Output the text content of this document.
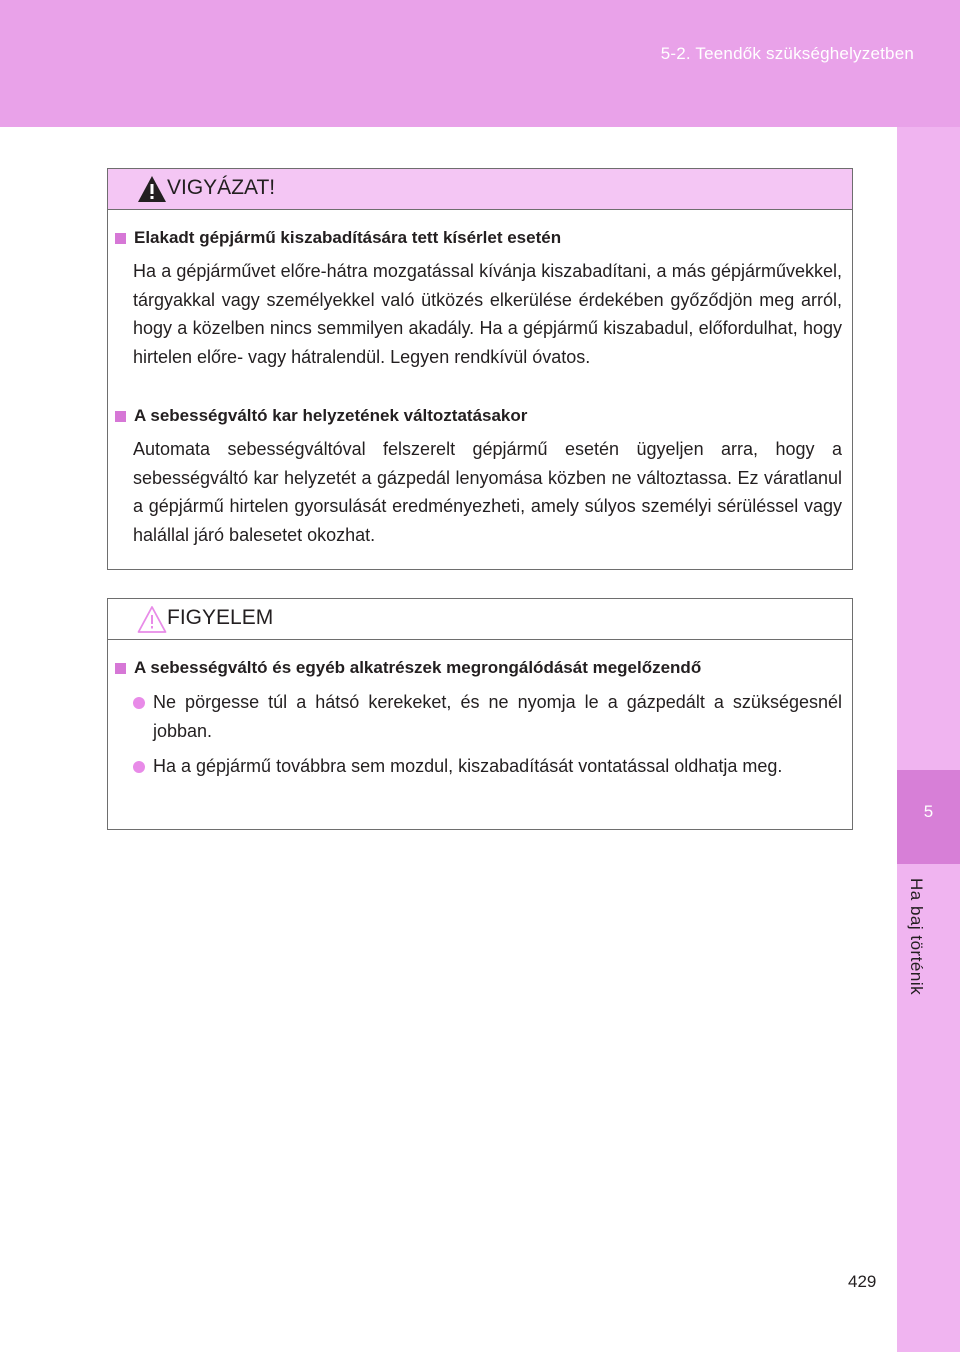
5-2. Teendők szükséghelyzetben
5
Ha baj történik
VIGYÁZAT!
Elakadt gépjármű kiszabadítására tett kísérlet esetén
Ha a gépjárművet előre-hátra mozgatással kívánja kiszabadítani, a más gépjárművekkel, tárgyakkal vagy személyekkel való ütközés elkerülése érdekében győződjön meg arról, hogy a közelben nincs semmilyen akadály. Ha a gépjármű kiszabadul, előfordulhat, hogy hirtelen előre- vagy hátralendül. Legyen rendkívül óvatos.
A sebességváltó kar helyzetének változtatásakor
Automata sebességváltóval felszerelt gépjármű esetén ügyeljen arra, hogy a sebességváltó kar helyzetét a gázpedál lenyomása közben ne változtassa. Ez váratlanul a gépjármű hirtelen gyorsulását eredményezheti, amely súlyos személyi sérüléssel vagy halállal járó balesetet okozhat.
FIGYELEM
A sebességváltó és egyéb alkatrészek megrongálódását megelőzendő
Ne pörgesse túl a hátsó kerekeket, és ne nyomja le a gázpedált a szükségesnél jobban.
Ha a gépjármű továbbra sem mozdul, kiszabadítását vontatással oldhatja meg.
429
